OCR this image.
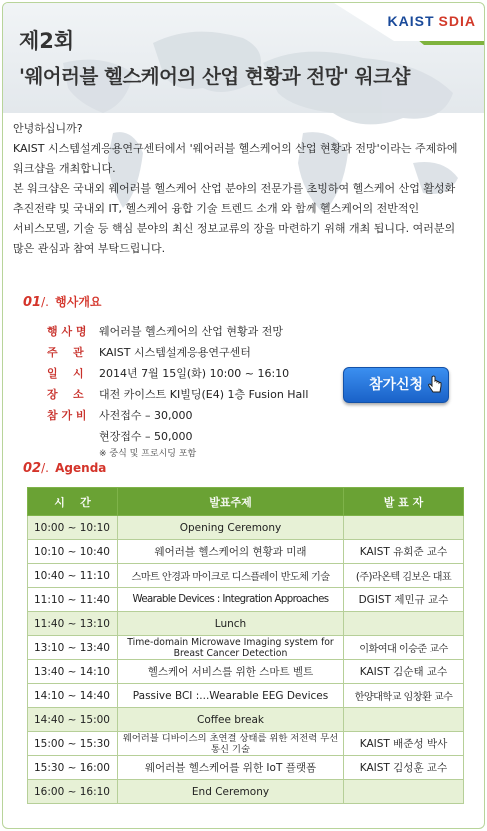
KAIST SDIA
제2회
'웨어러블 헬스케어의 산업 현황과 전망' 워크샵

안녕하십니까?

KAIST 시스템설계응용연구센터에서 '웨어러블 헬스케어의 산업 현황과 전망'이라는 주제하에

워크샵을 개최합니다.

본 워크샵은 국내외 웨어러블 헬스케어 산업 분야의 전문가를 초빙하여 헬스케어 산업 활성화

추진전략 및 국내외 IT, 헬스케어 융합 기술 트렌드 소개 와 함께 헬스케어의 전반적인

서비스모델, 기술 등 핵심 분야의 최신 정보교류의 장을 마련하기 위해 개최 됩니다. 여러분의

많은 관심과 참여 부탁드립니다.

01/. 행사개요
행 사 명	웨어러블 헬스케어의 산업 현황과 전망
주    관	KAIST 시스템설계응용연구센터
일    시	2014년 7월 15일(화) 10:00 ~ 16:10
장    소	대전 카이스트 KI빌딩(E4) 1층 Fusion Hall
참 가 비	사전접수 – 30,000
현장접수 – 50,000
※ 중식 및 프로시딩 포함
참가신청
02/. Agenda
시    간	발표주제	발 표 자
10:00 ~ 10:10	Opening Ceremony	
10:10 ~ 10:40	웨어러블 헬스케어의 현황과 미래	KAIST 유회준 교수
10:40 ~ 11:10	스마트 안경과 마이크로 디스플레이 반도체 기술	(주)라온텍 김보은 대표
11:10 ~ 11:40	Wearable Devices : Integration Approaches	DGIST 제민규 교수
11:40 ~ 13:10	Lunch	
13:10 ~ 13:40	Time-domain Microwave Imaging system for Breast Cancer Detection	이화여대 이승준 교수
13:40 ~ 14:10	헬스케어 서비스를 위한 스마트 벨트	KAIST 김순태 교수
14:10 ~ 14:40	Passive BCI :...Wearable EEG Devices	한양대학교 임창환 교수
14:40 ~ 15:00	Coffee break	
15:00 ~ 15:30	웨어러블 디바이스의 초연결 상태를 위한 저전력 무선통신 기술	KAIST 배준성 박사
15:30 ~ 16:00	웨어러블 헬스케어를 위한 IoT 플랫폼	KAIST 김성훈 교수
16:00 ~ 16:10	End Ceremony	
